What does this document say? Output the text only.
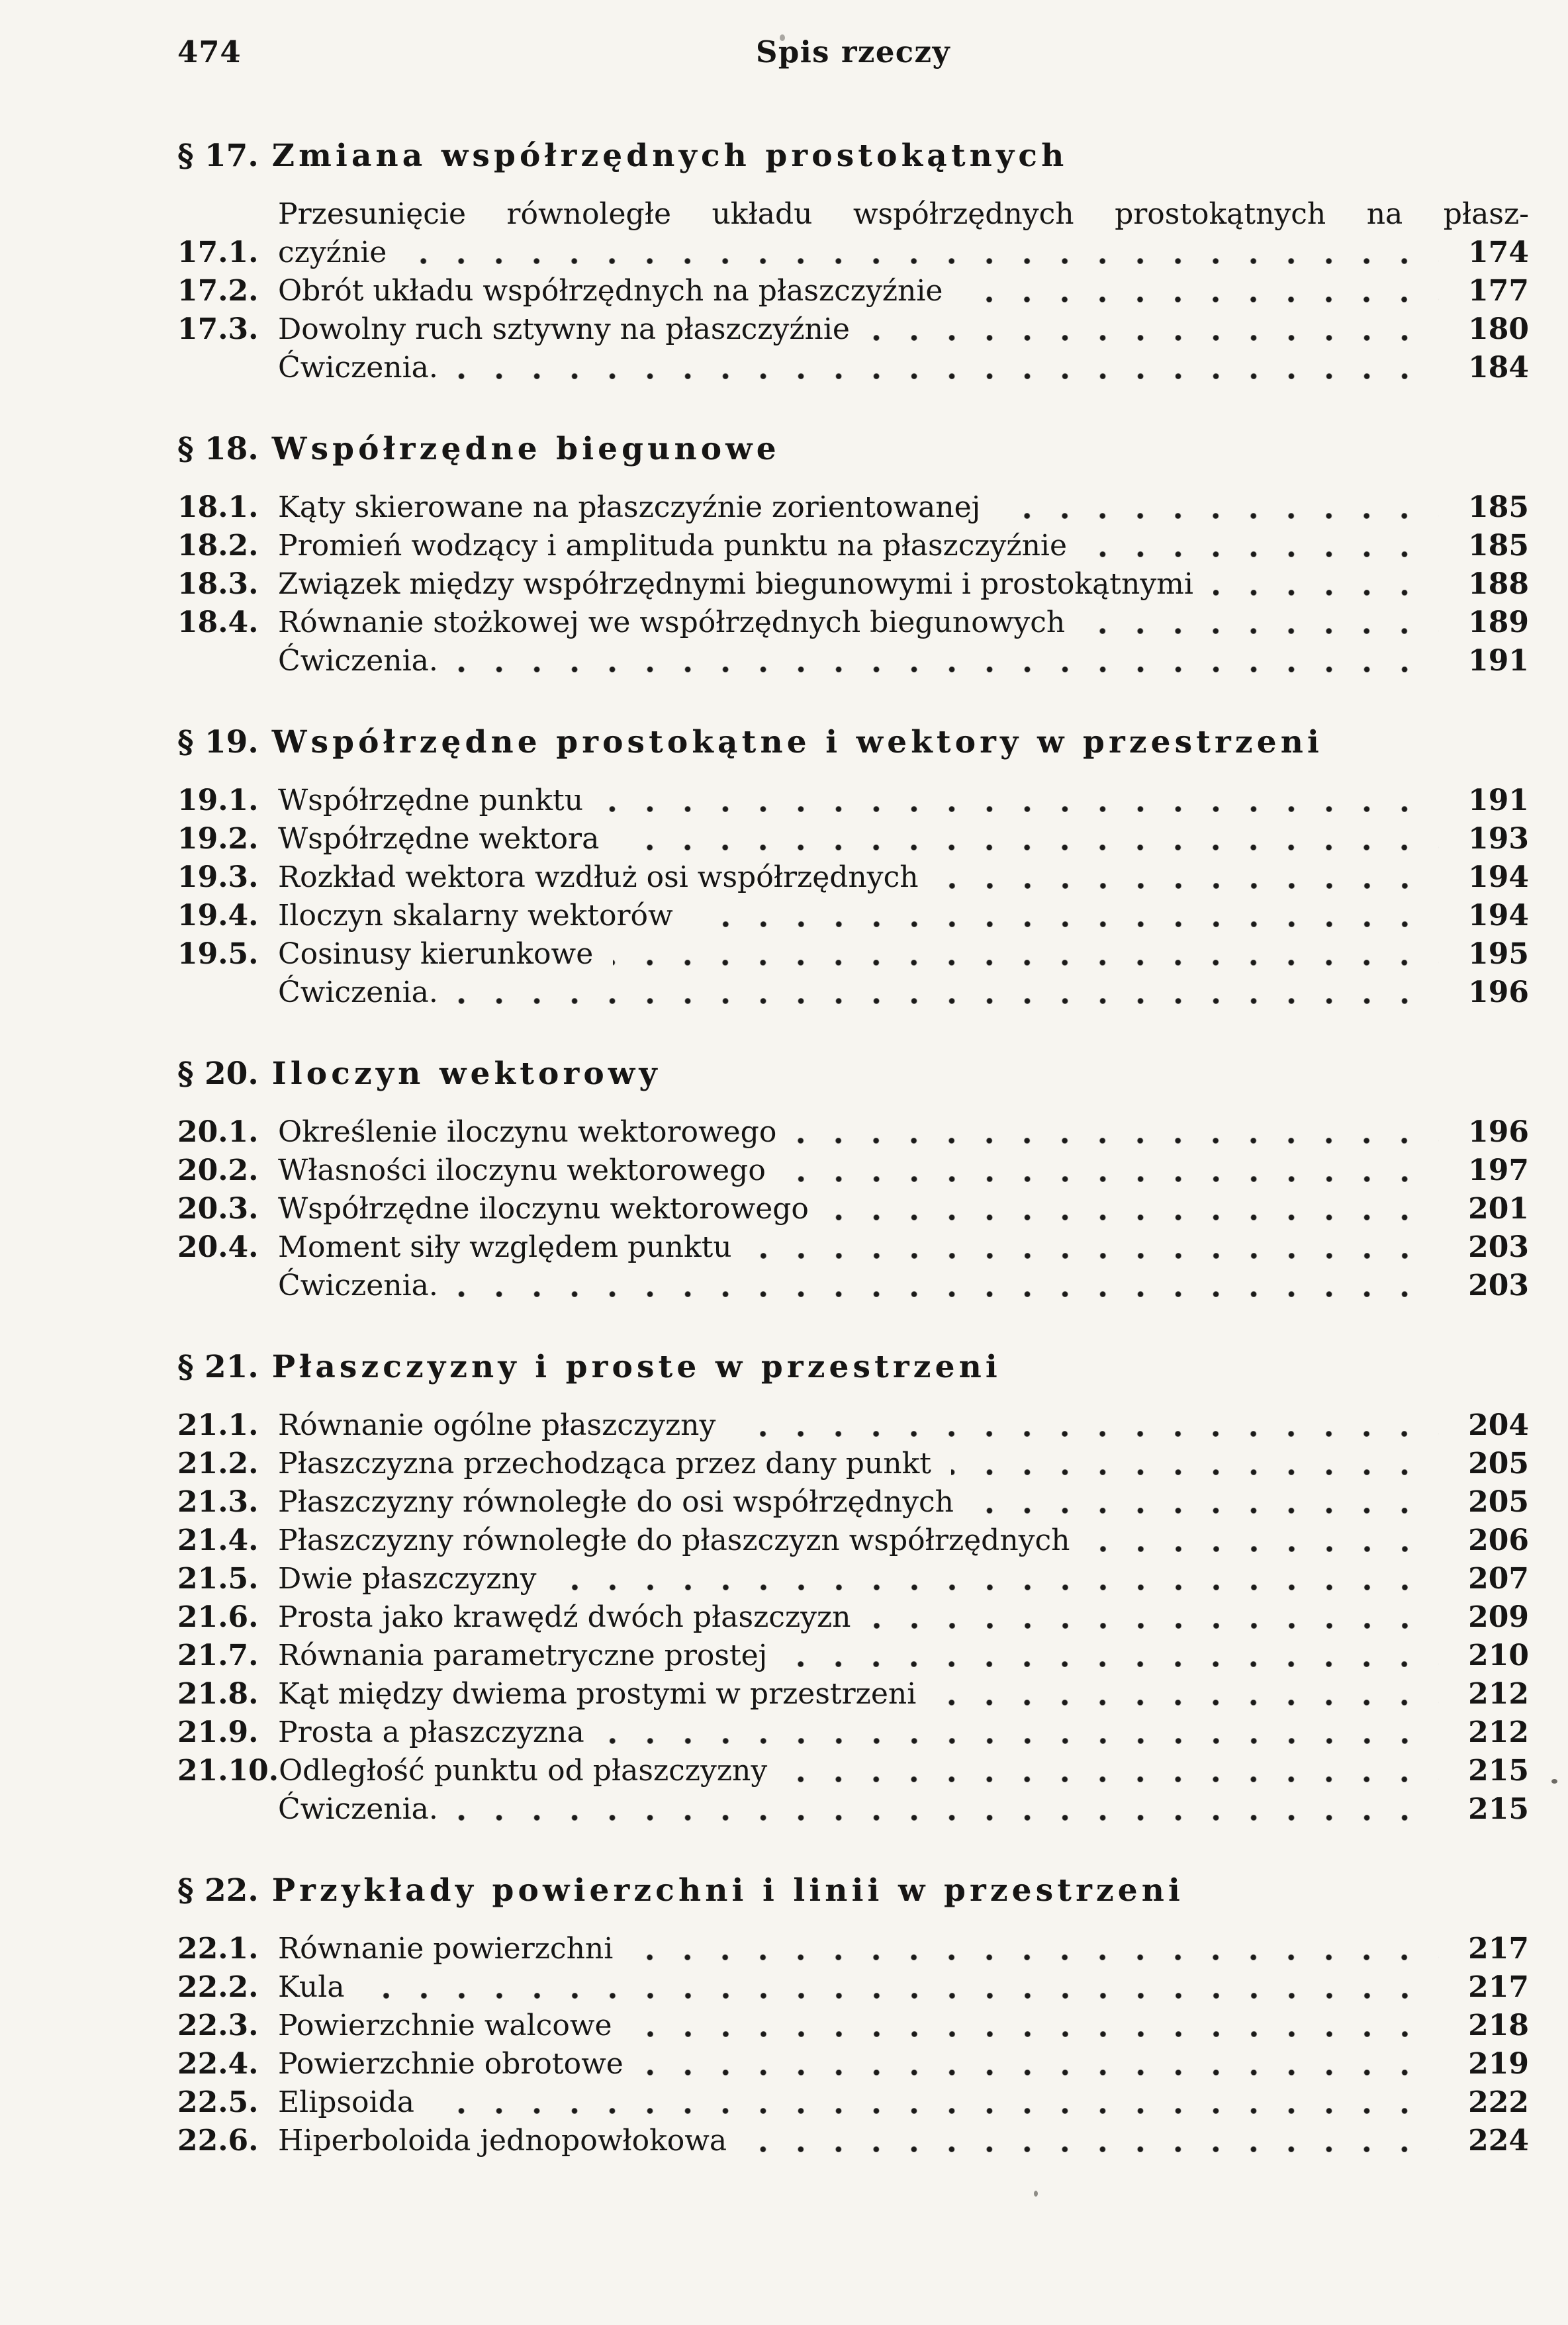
474	Spis rzeczy
§ 17. Zmiana współrzędnych prostokątnych
Przesunięcie równoległe układu współrzędnych prostokątnych na płasz-
17.1. czyźnie	174
17.2. Obrót układu współrzędnych na płaszczyźnie	177
17.3. Dowolny ruch sztywny na płaszczyźnie	180
Ćwiczenia.	184
§ 18. Współrzędne biegunowe
18.1. Kąty skierowane na płaszczyźnie zorientowanej	185
18.2. Promień wodzący i amplituda punktu na płaszczyźnie	185
18.3. Związek między współrzędnymi biegunowymi i prostokątnymi	188
18.4. Równanie stożkowej we współrzędnych biegunowych	189
Ćwiczenia.	191
§ 19. Współrzędne prostokątne i wektory w przestrzeni
19.1. Współrzędne punktu	191
19.2. Współrzędne wektora	193
19.3. Rozkład wektora wzdłuż osi współrzędnych	194
19.4. Iloczyn skalarny wektorów	194
19.5. Cosinusy kierunkowe	195
Ćwiczenia.	196
§ 20. Iloczyn wektorowy
20.1. Określenie iloczynu wektorowego	196
20.2. Własności iloczynu wektorowego	197
20.3. Współrzędne iloczynu wektorowego	201
20.4. Moment siły względem punktu	203
Ćwiczenia.	203
§ 21. Płaszczyzny i proste w przestrzeni
21.1. Równanie ogólne płaszczyzny	204
21.2. Płaszczyzna przechodząca przez dany punkt	205
21.3. Płaszczyzny równoległe do osi współrzędnych	205
21.4. Płaszczyzny równoległe do płaszczyzn współrzędnych	206
21.5. Dwie płaszczyzny	207
21.6. Prosta jako krawędź dwóch płaszczyzn	209
21.7. Równania parametryczne prostej	210
21.8. Kąt między dwiema prostymi w przestrzeni	212
21.9. Prosta a płaszczyzna	212
21.10. Odległość punktu od płaszczyzny	215
Ćwiczenia.	215
§ 22. Przykłady powierzchni i linii w przestrzeni
22.1. Równanie powierzchni	217
22.2. Kula	217
22.3. Powierzchnie walcowe	218
22.4. Powierzchnie obrotowe	219
22.5. Elipsoida	222
22.6. Hiperboloida jednopowłokowa	224
